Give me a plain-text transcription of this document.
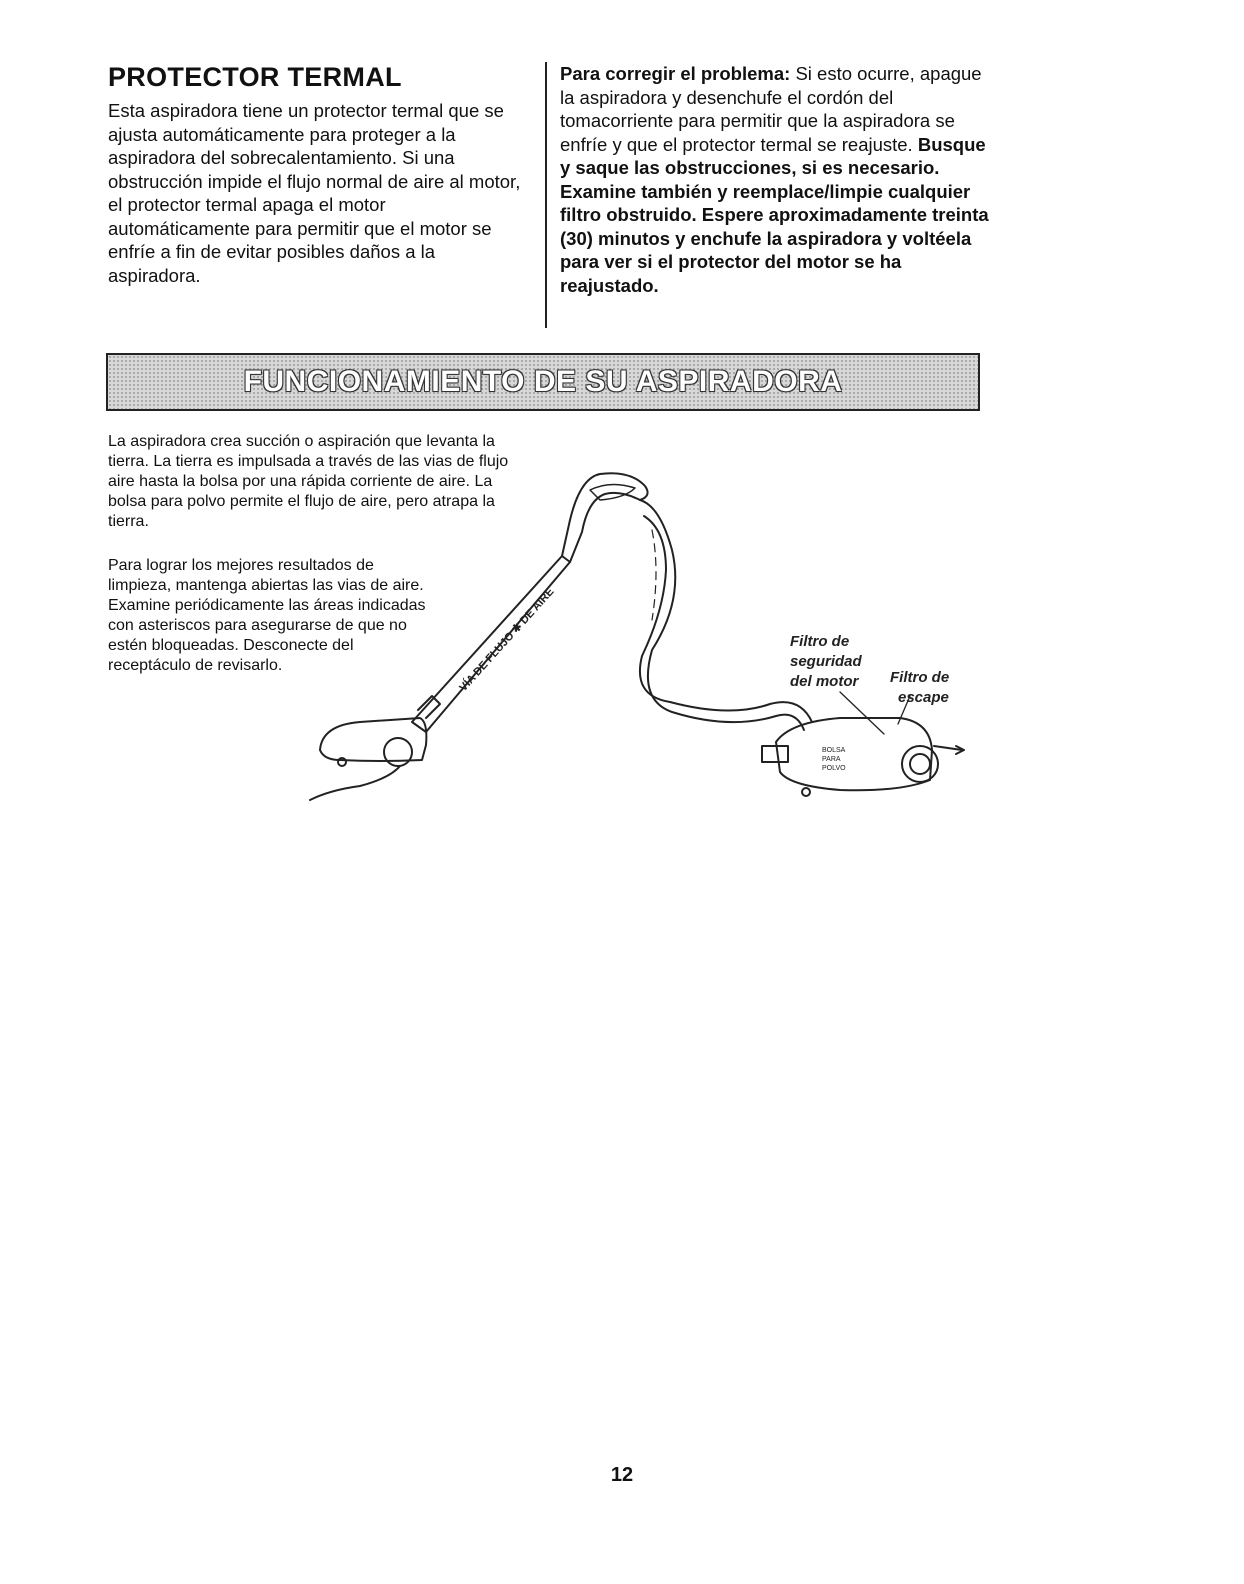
PROTECTOR TERMAL

Esta aspiradora tiene un protector termal que se ajusta automáticamente para proteger a la aspiradora del sobrecalentamiento. Si una obstrucción impide el flujo normal de aire al motor, el protector termal apaga el motor automáticamente para permitir que el motor se enfríe a fin de evitar posibles daños a la aspiradora.

Para corregir el problema: Si esto ocurre, apague la aspiradora y desenchufe el cordón del tomacorriente para permitir que la aspiradora se enfríe y que el protector termal se reajuste. Busque y saque las obstrucciones, si es necesario. Examine también y reemplace/limpie cualquier filtro obstruido. Espere aproximadamente treinta (30) minutos y enchufe la aspiradora y voltéela para ver si el protector del motor se ha reajustado.

FUNCIONAMIENTO DE SU ASPIRADORA

La aspiradora crea succión o aspiración que levanta la tierra. La tierra es impulsada a través de las vias de flujo aire hasta la bolsa por una rápida corriente de aire. La bolsa para polvo permite el flujo de aire, pero atrapa la tierra.

Para lograr los mejores resultados de limpieza, mantenga abiertas las vias de aire. Examine periódicamente las áreas indicadas con asteriscos para asegurarse de que no estén bloqueadas. Desconecte del receptáculo de revisarlo.	VÍA DE FLUJO ✱ DE AIRE	Filtro de
seguridad
del motor Filtro de
escape
BOLSA
PARA
POLVO
12
